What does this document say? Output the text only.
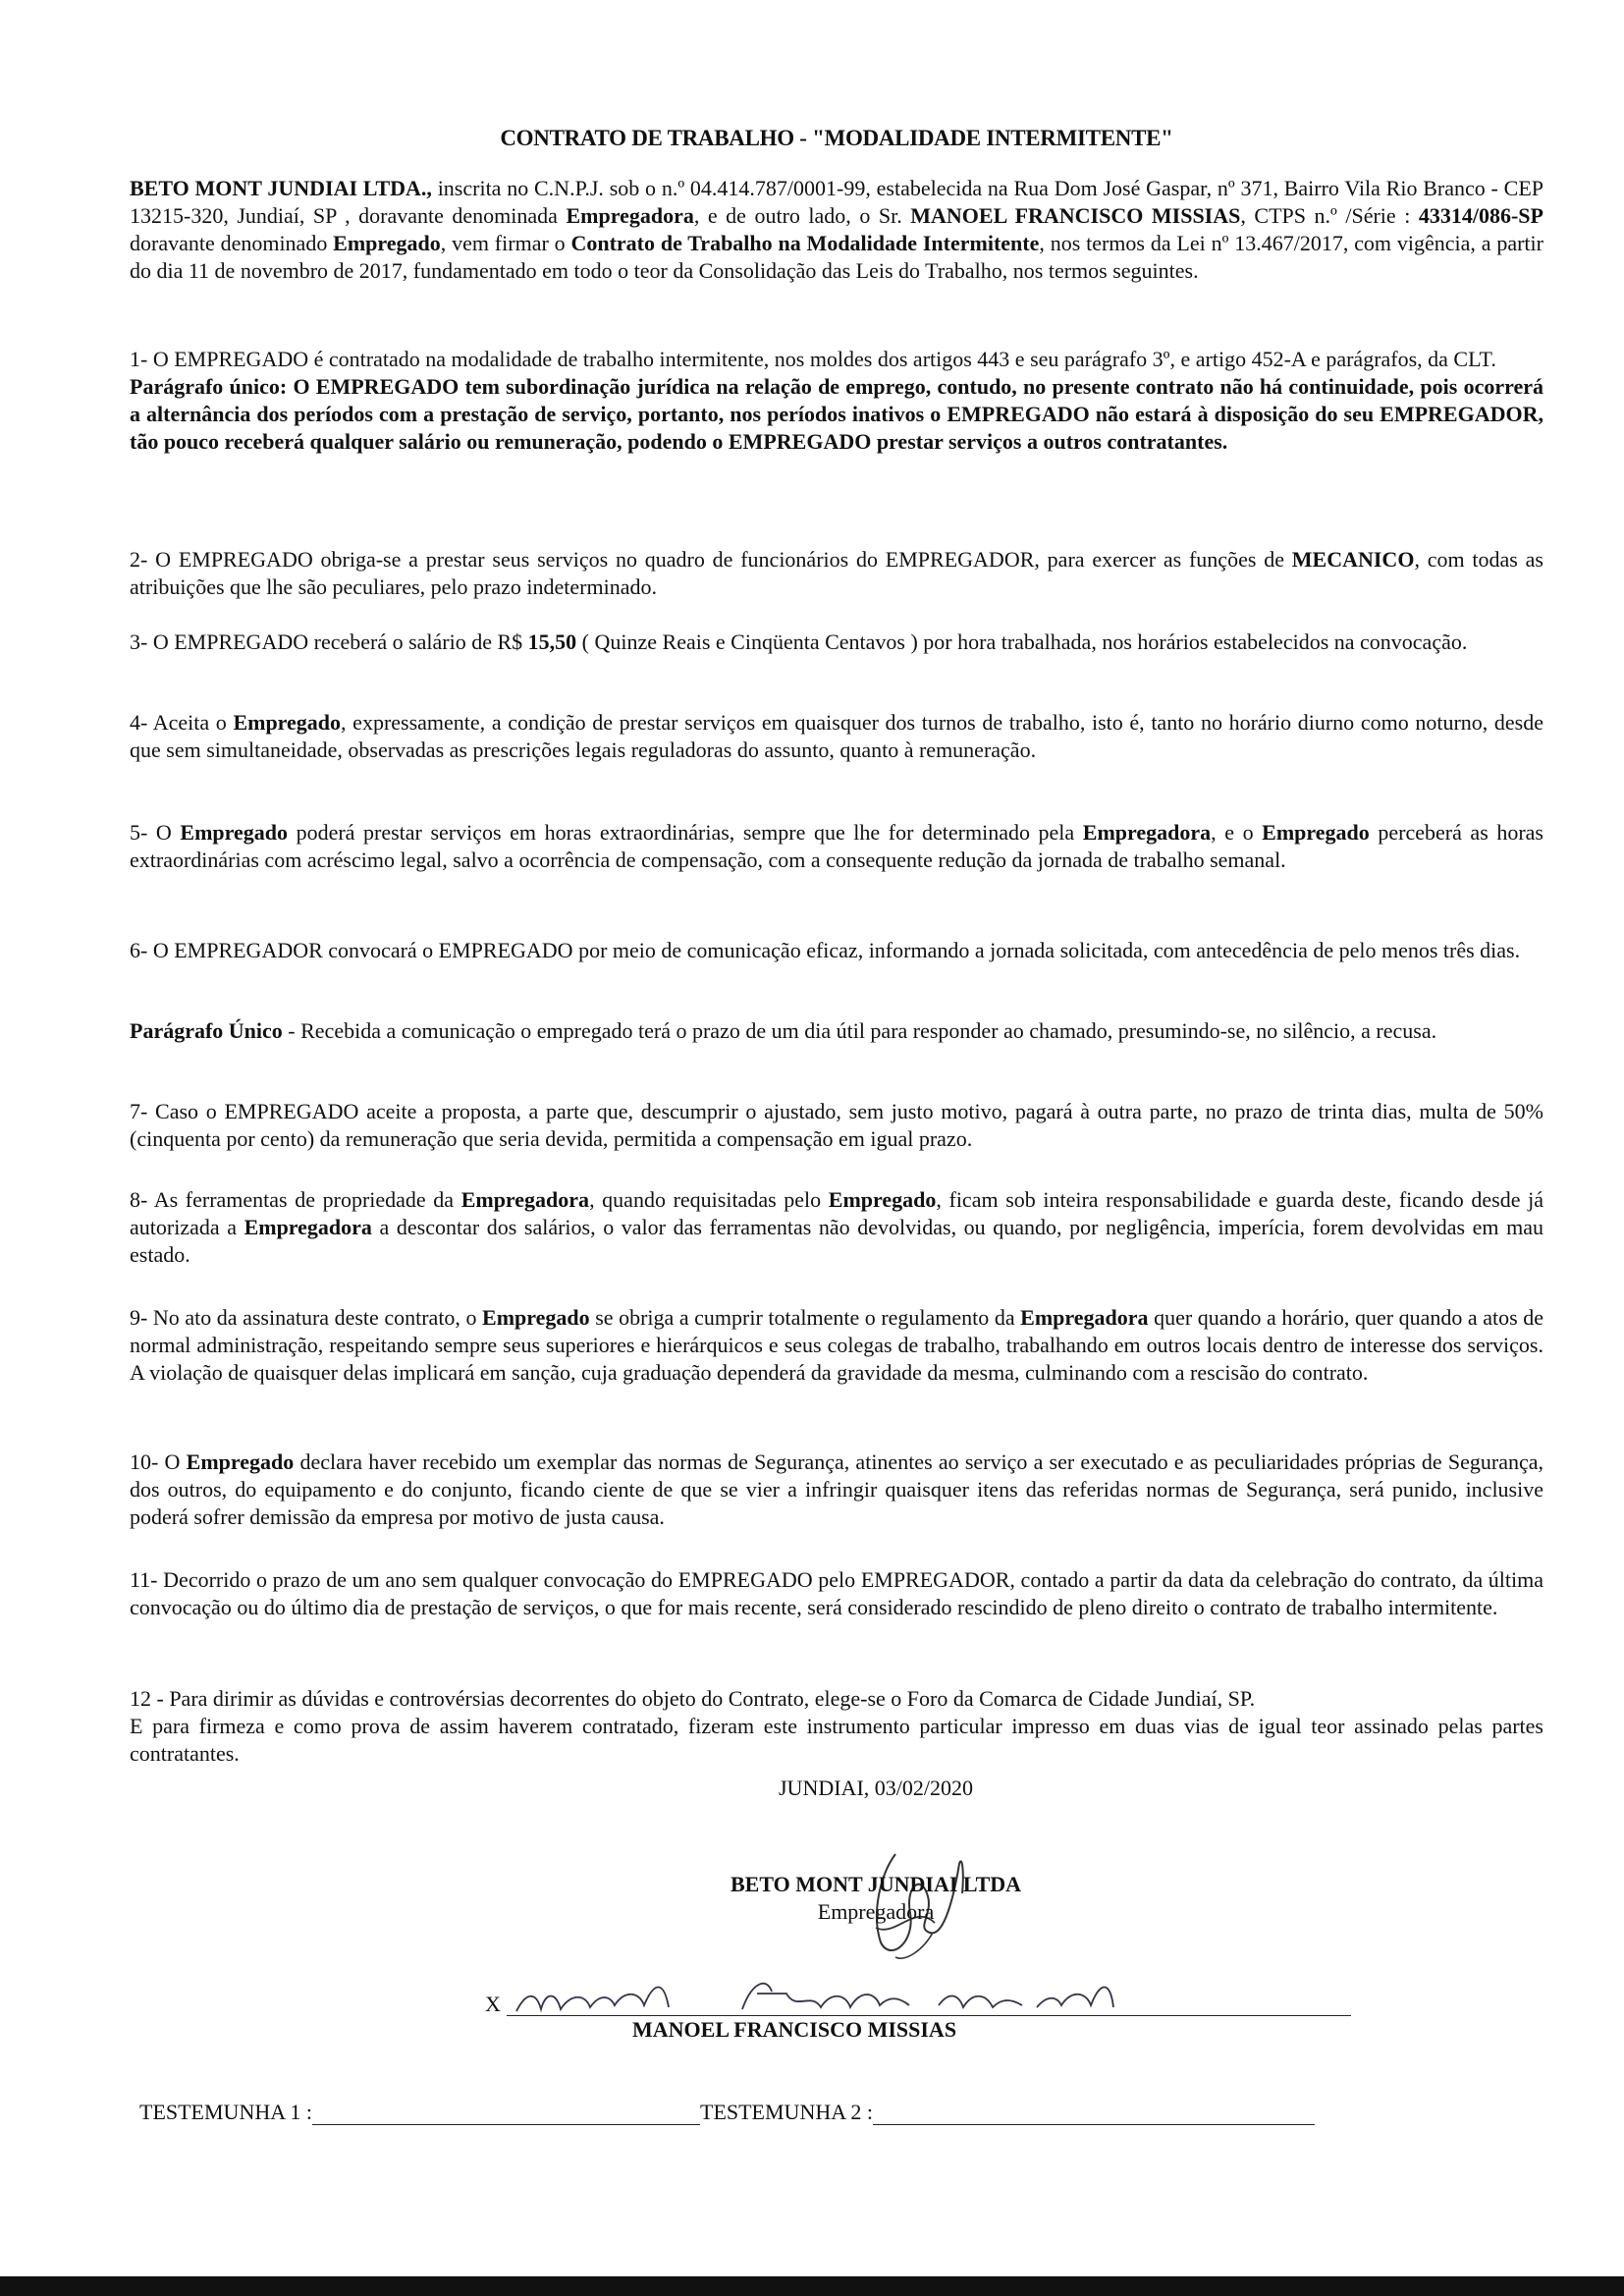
CONTRATO DE TRABALHO - "MODALIDADE INTERMITENTE"

BETO MONT JUNDIAI LTDA., inscrita no C.N.P.J. sob o n.º 04.414.787/0001-99, estabelecida na Rua Dom José Gaspar, nº 371, Bairro Vila Rio Branco - CEP 13215-320, Jundiaí, SP , doravante denominada Empregadora, e de outro lado, o Sr. MANOEL FRANCISCO MISSIAS, CTPS n.º /Série : 43314/086-SP doravante denominado Empregado, vem firmar o Contrato de Trabalho na Modalidade Intermitente, nos termos da Lei nº 13.467/2017, com vigência, a partir do dia 11 de novembro de 2017, fundamentado em todo o teor da Consolidação das Leis do Trabalho, nos termos seguintes.

1- O EMPREGADO é contratado na modalidade de trabalho intermitente, nos moldes dos artigos 443 e seu parágrafo 3º, e artigo 452-A e parágrafos, da CLT.
Parágrafo único: O EMPREGADO tem subordinação jurídica na relação de emprego, contudo, no presente contrato não há continuidade, pois ocorrerá a alternância dos períodos com a prestação de serviço, portanto, nos períodos inativos o EMPREGADO não estará à disposição do seu EMPREGADOR, tão pouco receberá qualquer salário ou remuneração, podendo o EMPREGADO prestar serviços a outros contratantes.

2- O EMPREGADO obriga-se a prestar seus serviços no quadro de funcionários do EMPREGADOR, para exercer as funções de MECANICO, com todas as atribuições que lhe são peculiares, pelo prazo indeterminado.

3- O EMPREGADO receberá o salário de R$ 15,50 ( Quinze Reais e Cinqüenta Centavos ) por hora trabalhada, nos horários estabelecidos na convocação.

4- Aceita o Empregado, expressamente, a condição de prestar serviços em quaisquer dos turnos de trabalho, isto é, tanto no horário diurno como noturno, desde que sem simultaneidade, observadas as prescrições legais reguladoras do assunto, quanto à remuneração.

5- O Empregado poderá prestar serviços em horas extraordinárias, sempre que lhe for determinado pela Empregadora, e o Empregado perceberá as horas extraordinárias com acréscimo legal, salvo a ocorrência de compensação, com a consequente redução da jornada de trabalho semanal.

6- O EMPREGADOR convocará o EMPREGADO por meio de comunicação eficaz, informando a jornada solicitada, com antecedência de pelo menos três dias.

Parágrafo Único - Recebida a comunicação o empregado terá o prazo de um dia útil para responder ao chamado, presumindo-se, no silêncio, a recusa.

7- Caso o EMPREGADO aceite a proposta, a parte que, descumprir o ajustado, sem justo motivo, pagará à outra parte, no prazo de trinta dias, multa de 50% (cinquenta por cento) da remuneração que seria devida, permitida a compensação em igual prazo.

8- As ferramentas de propriedade da Empregadora, quando requisitadas pelo Empregado, ficam sob inteira responsabilidade e guarda deste, ficando desde já autorizada a Empregadora a descontar dos salários, o valor das ferramentas não devolvidas, ou quando, por negligência, imperícia, forem devolvidas em mau estado.

9- No ato da assinatura deste contrato, o Empregado se obriga a cumprir totalmente o regulamento da Empregadora quer quando a horário, quer quando a atos de normal administração, respeitando sempre seus superiores e hierárquicos e seus colegas de trabalho, trabalhando em outros locais dentro de interesse dos serviços. A violação de quaisquer delas implicará em sanção, cuja graduação dependerá da gravidade da mesma, culminando com a rescisão do contrato.

10- O Empregado declara haver recebido um exemplar das normas de Segurança, atinentes ao serviço a ser executado e as peculiaridades próprias de Segurança, dos outros, do equipamento e do conjunto, ficando ciente de que se vier a infringir quaisquer itens das referidas normas de Segurança, será punido, inclusive poderá sofrer demissão da empresa por motivo de justa causa.

11- Decorrido o prazo de um ano sem qualquer convocação do EMPREGADO pelo EMPREGADOR, contado a partir da data da celebração do contrato, da última convocação ou do último dia de prestação de serviços, o que for mais recente, será considerado rescindido de pleno direito o contrato de trabalho intermitente.

12 - Para dirimir as dúvidas e controvérsias decorrentes do objeto do Contrato, elege-se o Foro da Comarca de Cidade Jundiaí, SP.
E para firmeza e como prova de assim haverem contratado, fizeram este instrumento particular impresso em duas vias de igual teor assinado pelas partes contratantes.

JUNDIAI, 03/02/2020
BETO MONT JUNDIAI LTDA
Empregadora
X
MANOEL FRANCISCO MISSIAS
TESTEMUNHA 1 :	TESTEMUNHA 2 :
